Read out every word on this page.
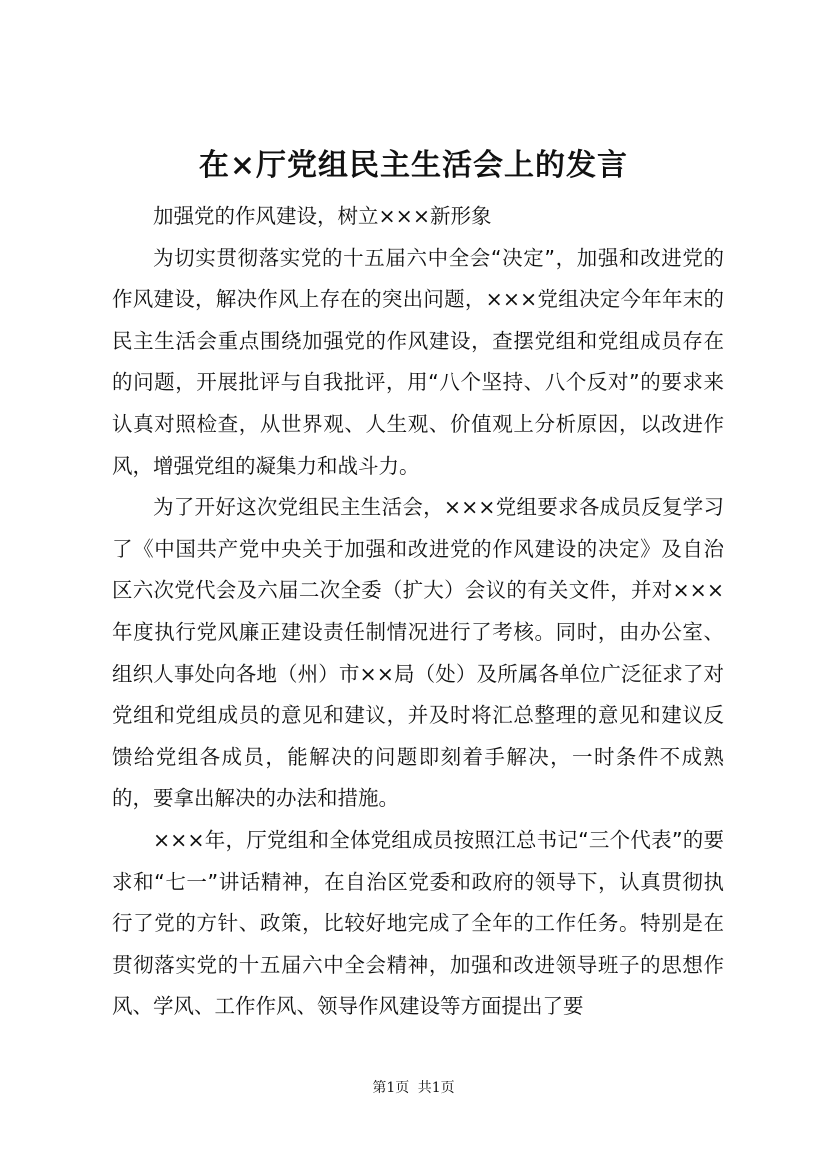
在×厅党组民主生活会上的发言

加强党的作风建设，树立×××新形象

为切实贯彻落实党的十五届六中全会“决定”，加强和改进党的作风建设，解决作风上存在的突出问题，×××党组决定今年年末的民主生活会重点围绕加强党的作风建设，查摆党组和党组成员存在的问题，开展批评与自我批评，用“八个坚持、八个反对”的要求来认真对照检查，从世界观、人生观、价值观上分析原因，以改进作风，增强党组的凝集力和战斗力。

为了开好这次党组民主生活会，×××党组要求各成员反复学习了《中国共产党中央关于加强和改进党的作风建设的决定》及自治区六次党代会及六届二次全委（扩大）会议的有关文件，并对×××年度执行党风廉正建设责任制情况进行了考核。同时，由办公室、组织人事处向各地（州）市××局（处）及所属各单位广泛征求了对党组和党组成员的意见和建议，并及时将汇总整理的意见和建议反馈给党组各成员，能解决的问题即刻着手解决，一时条件不成熟的，要拿出解决的办法和措施。

×××年，厅党组和全体党组成员按照江总书记“三个代表”的要求和“七一”讲话精神，在自治区党委和政府的领导下，认真贯彻执行了党的方针、政策，比较好地完成了全年的工作任务。特别是在贯彻落实党的十五届六中全会精神，加强和改进领导班子的思想作风、学风、工作作风、领导作风建设等方面提出了要

第1页 共1页
